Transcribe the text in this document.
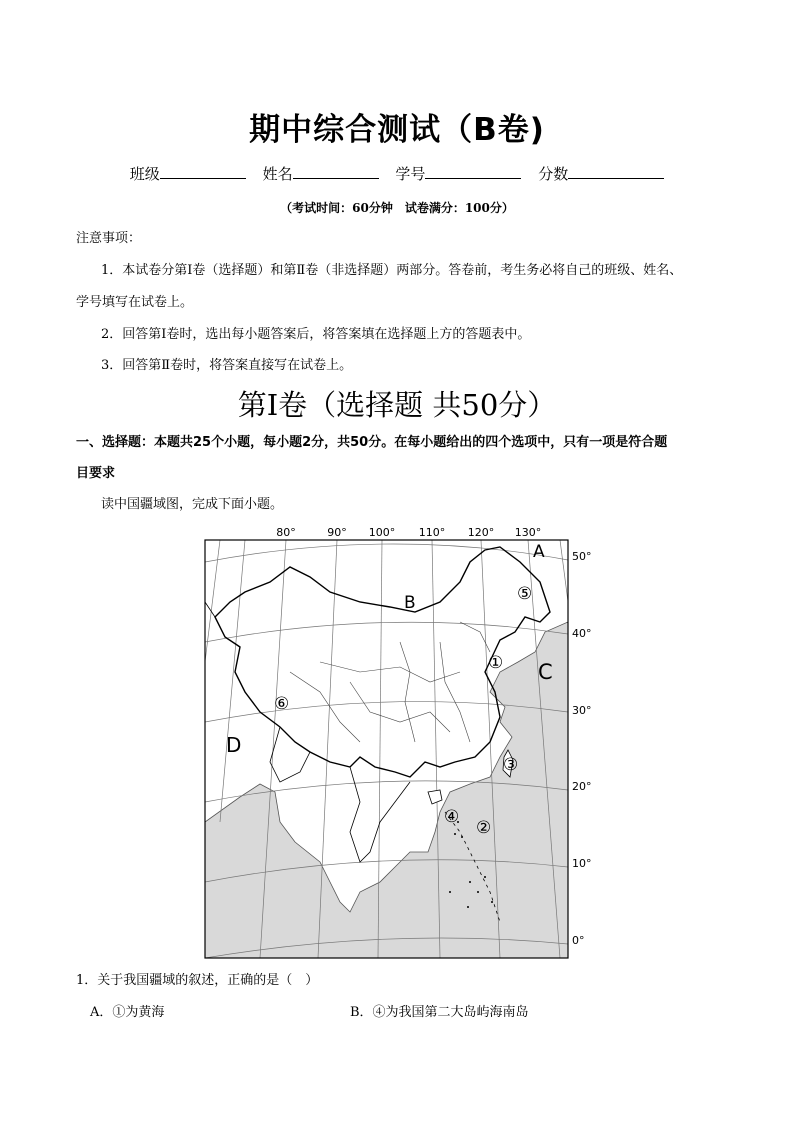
期中综合测试（B卷)
班级	姓名	学号	分数
（考试时间：60分钟　试卷满分：100分）
注意事项：
1．本试卷分第Ⅰ卷（选择题）和第Ⅱ卷（非选择题）两部分。答卷前，考生务必将自己的班级、姓名、
学号填写在试卷上。
2．回答第Ⅰ卷时，选出每小题答案后，将答案填在选择题上方的答题表中。
3．回答第Ⅱ卷时，将答案直接写在试卷上。
第Ⅰ卷（选择题 共50分）
一、选择题：本题共25个小题，每小题2分，共50分。在每小题给出的四个选项中，只有一项是符合题
目要求
读中国疆域图，完成下面小题。
80°	90° 100° 110° 120° 130°
50°
40°
30°
20°
10°
0°
A
B
C
D
①
②
③
④
⑤
⑥
1．关于我国疆域的叙述，正确的是（　）
A．①为黄海	B．④为我国第二大岛屿海南岛
